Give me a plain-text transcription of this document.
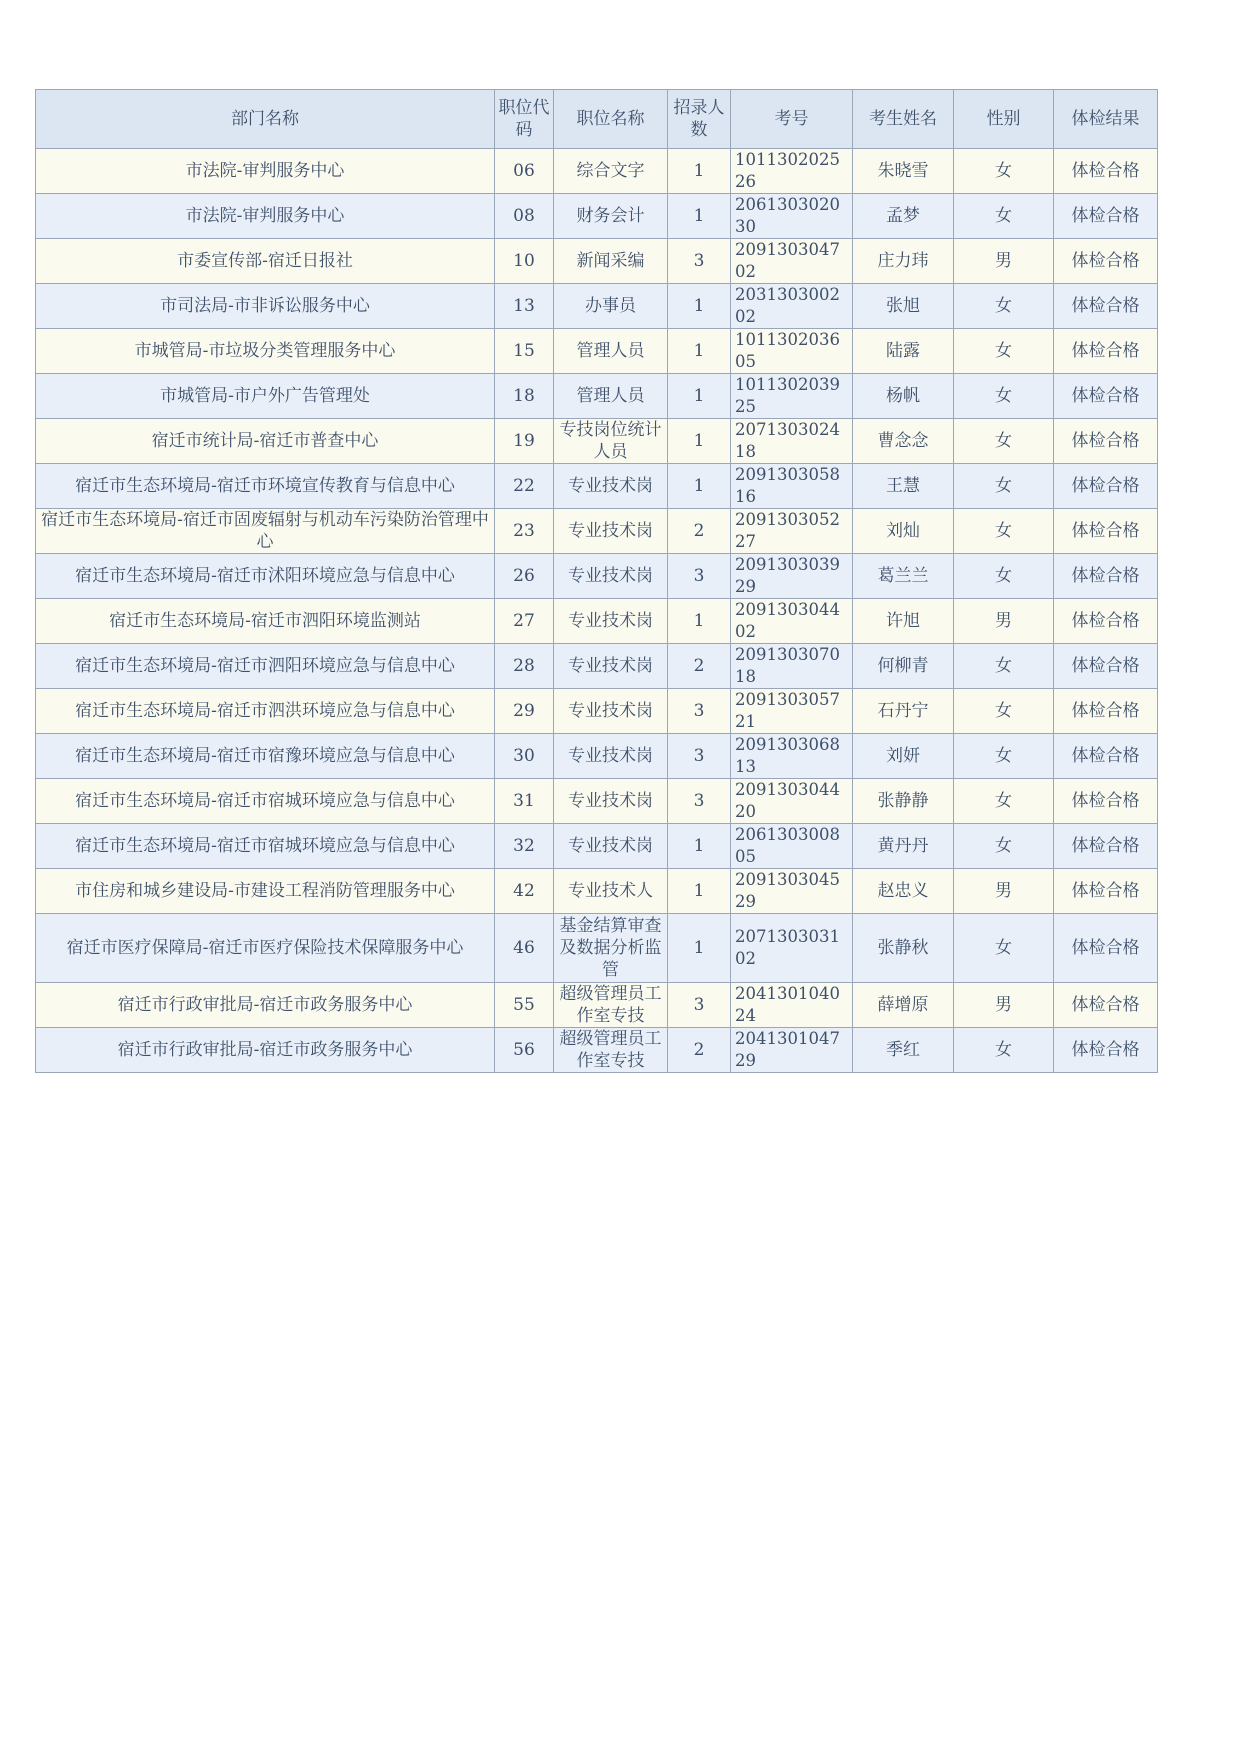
部门名称	职位代码	职位名称	招录人数	考号	考生姓名	性别	体检结果
市法院-审判服务中心	06	综合文字	1	101130202526	朱晓雪	女	体检合格
市法院-审判服务中心	08	财务会计	1	206130302030	孟梦	女	体检合格
市委宣传部-宿迁日报社	10	新闻采编	3	209130304702	庄力玮	男	体检合格
市司法局-市非诉讼服务中心	13	办事员	1	203130300202	张旭	女	体检合格
市城管局-市垃圾分类管理服务中心	15	管理人员	1	101130203605	陆露	女	体检合格
市城管局-市户外广告管理处	18	管理人员	1	101130203925	杨帆	女	体检合格
宿迁市统计局-宿迁市普查中心	19	专技岗位统计人员	1	207130302418	曹念念	女	体检合格
宿迁市生态环境局-宿迁市环境宣传教育与信息中心	22	专业技术岗	1	209130305816	王慧	女	体检合格
宿迁市生态环境局-宿迁市固废辐射与机动车污染防治管理中心	23	专业技术岗	2	209130305227	刘灿	女	体检合格
宿迁市生态环境局-宿迁市沭阳环境应急与信息中心	26	专业技术岗	3	209130303929	葛兰兰	女	体检合格
宿迁市生态环境局-宿迁市泗阳环境监测站	27	专业技术岗	1	209130304402	许旭	男	体检合格
宿迁市生态环境局-宿迁市泗阳环境应急与信息中心	28	专业技术岗	2	209130307018	何柳青	女	体检合格
宿迁市生态环境局-宿迁市泗洪环境应急与信息中心	29	专业技术岗	3	209130305721	石丹宁	女	体检合格
宿迁市生态环境局-宿迁市宿豫环境应急与信息中心	30	专业技术岗	3	209130306813	刘妍	女	体检合格
宿迁市生态环境局-宿迁市宿城环境应急与信息中心	31	专业技术岗	3	209130304420	张静静	女	体检合格
宿迁市生态环境局-宿迁市宿城环境应急与信息中心	32	专业技术岗	1	206130300805	黄丹丹	女	体检合格
市住房和城乡建设局-市建设工程消防管理服务中心	42	专业技术人	1	209130304529	赵忠义	男	体检合格
宿迁市医疗保障局-宿迁市医疗保险技术保障服务中心	46	基金结算审查及数据分析监管	1	207130303102	张静秋	女	体检合格
宿迁市行政审批局-宿迁市政务服务中心	55	超级管理员工作室专技	3	204130104024	薛增原	男	体检合格
宿迁市行政审批局-宿迁市政务服务中心	56	超级管理员工作室专技	2	204130104729	季红	女	体检合格
